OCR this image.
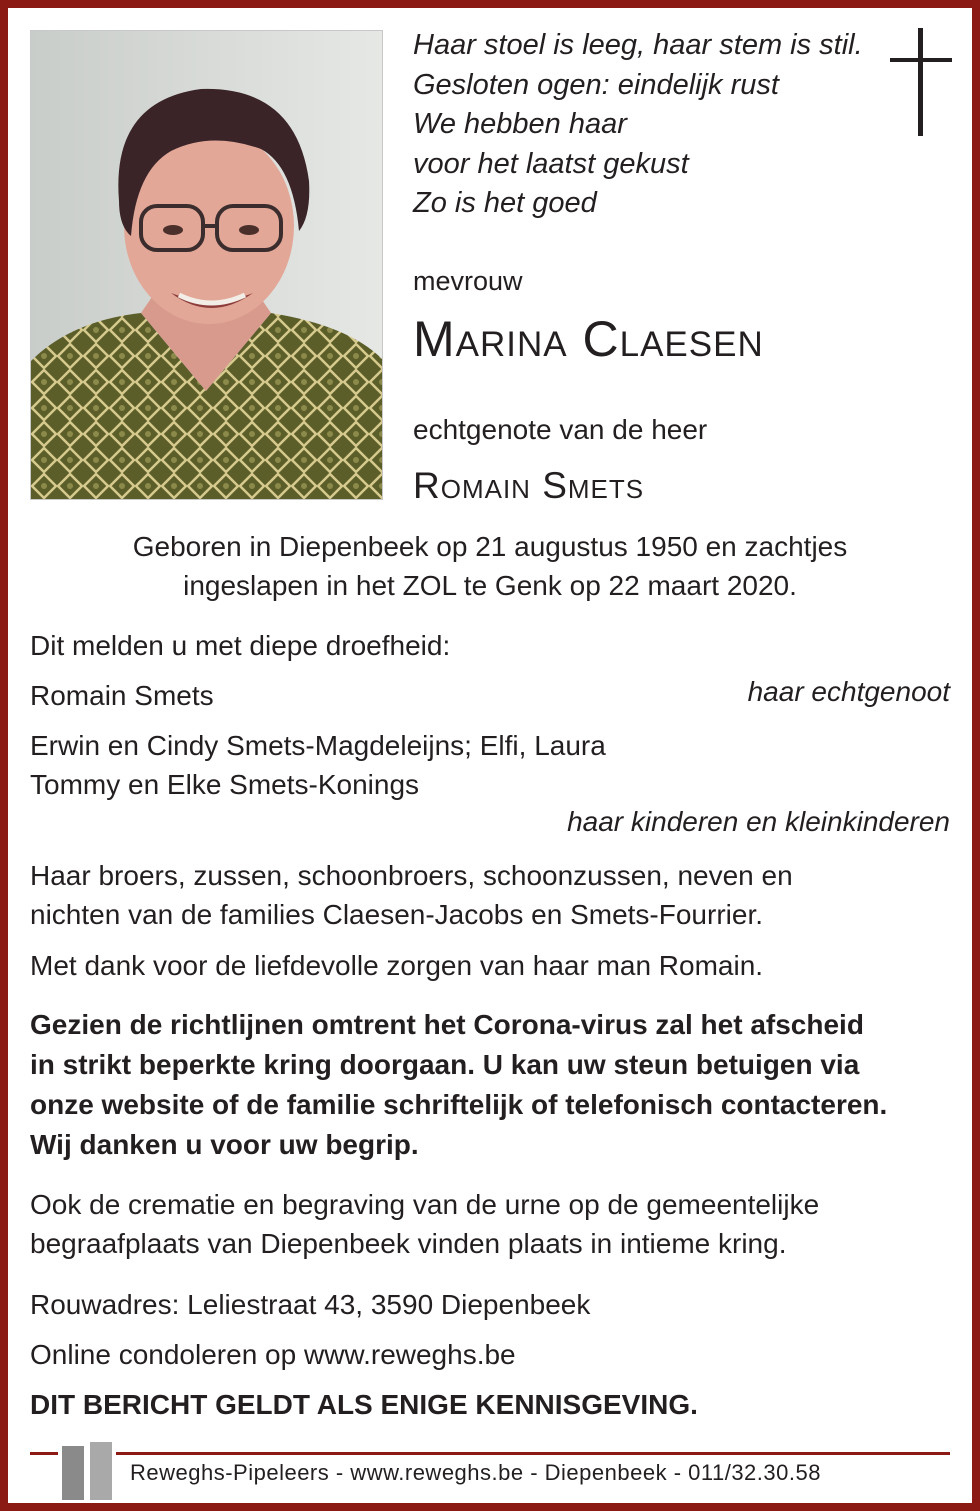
Haar stoel is leeg, haar stem is stil.
Gesloten ogen: eindelijk rust
We hebben haar
voor het laatst gekust
Zo is het goed
mevrouw
Marina Claesen
echtgenote van de heer
Romain Smets
Geboren in Diepenbeek op 21 augustus 1950 en zachtjes
ingeslapen in het ZOL te Genk op 22 maart 2020.
Dit melden u met diepe droefheid:
Romain Smets	haar echtgenoot
Erwin en Cindy Smets-Magdeleijns; Elfi, Laura
Tommy en Elke Smets-Konings
haar kinderen en kleinkinderen
Haar broers, zussen, schoonbroers, schoonzussen, neven en
nichten van de families Claesen-Jacobs en Smets-Fourrier.
Met dank voor de liefdevolle zorgen van haar man Romain.
Gezien de richtlijnen omtrent het Corona-virus zal het afscheid
in strikt beperkte kring doorgaan. U kan uw steun betuigen via
onze website of de familie schriftelijk of telefonisch contacteren.
Wij danken u voor uw begrip.
Ook de crematie en begraving van de urne op de gemeentelijke
begraafplaats van Diepenbeek vinden plaats in intieme kring.
Rouwadres: Leliestraat 43, 3590 Diepenbeek
Online condoleren op www.reweghs.be
DIT BERICHT GELDT ALS ENIGE KENNISGEVING.
Reweghs-Pipeleers - www.reweghs.be - Diepenbeek - 011/32.30.58
